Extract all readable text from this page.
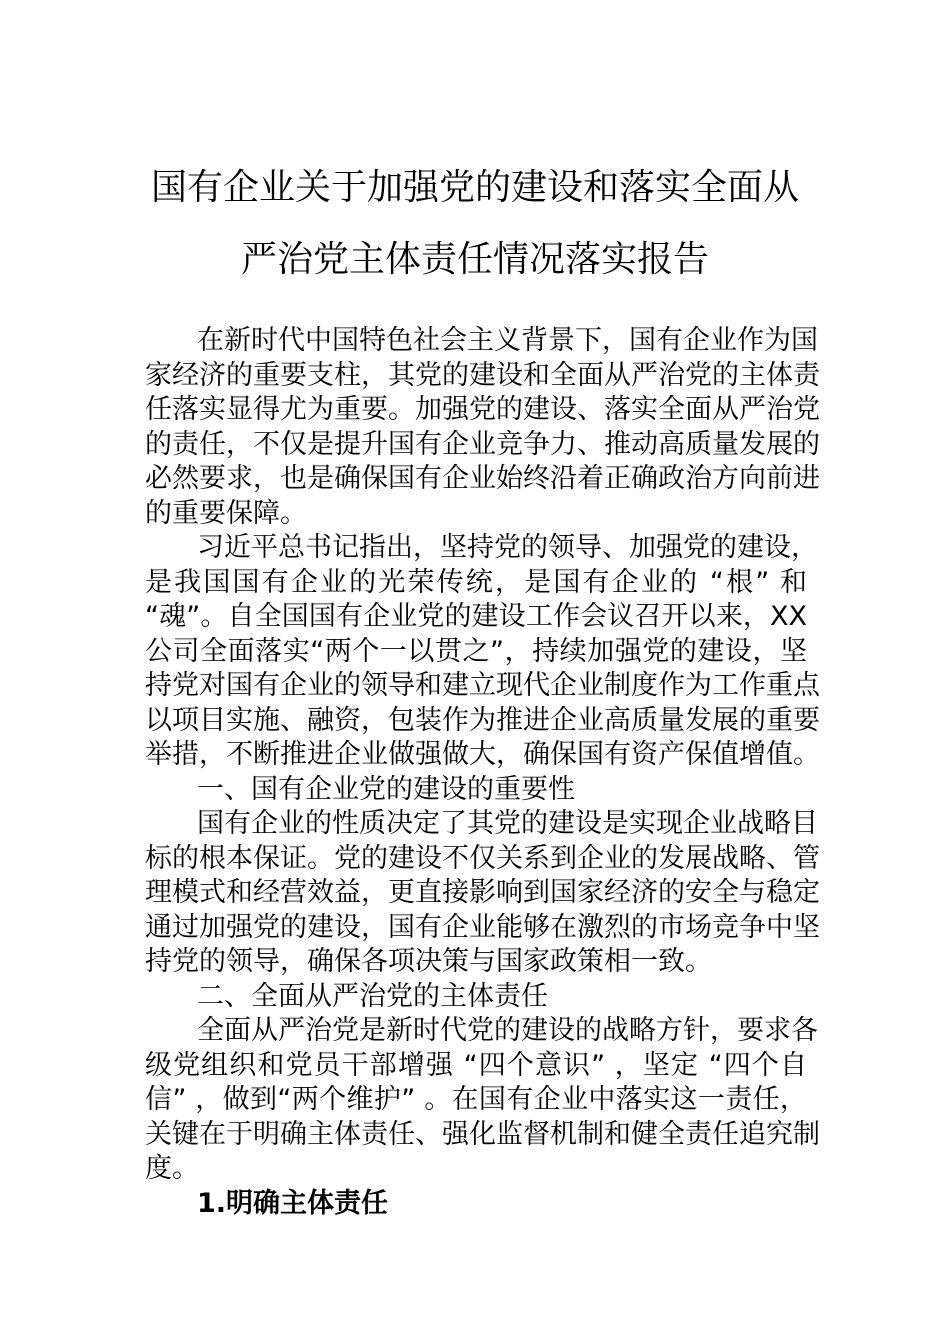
国有企业关于加强党的建设和落实全面从
严治党主体责任情况落实报告
在新时代中国特色社会主义背景下，国有企业作为国
家经济的重要支柱，其党的建设和全面从严治党的主体责
任落实显得尤为重要。加强党的建设、落实全面从严治党
的责任，不仅是提升国有企业竞争力、推动高质量发展的
必然要求，也是确保国有企业始终沿着正确政治方向前进
的重要保障。
习近平总书记指出，坚持党的领导、加强党的建设，
是我国国有企业的光荣传统，是国有企业的 “根” 和
“魂”。自全国国有企业党的建设工作会议召开以来，XX
公司全面落实“两个一以贯之”，持续加强党的建设，坚
持党对国有企业的领导和建立现代企业制度作为工作重点
以项目实施、融资，包装作为推进企业高质量发展的重要
举措，不断推进企业做强做大，确保国有资产保值增值。
一、国有企业党的建设的重要性
国有企业的性质决定了其党的建设是实现企业战略目
标的根本保证。党的建设不仅关系到企业的发展战略、管
理模式和经营效益，更直接影响到国家经济的安全与稳定
通过加强党的建设，国有企业能够在激烈的市场竞争中坚
持党的领导，确保各项决策与国家政策相一致。
二、全面从严治党的主体责任
全面从严治党是新时代党的建设的战略方针，要求各
级党组织和党员干部增强 “四个意识” ，坚定 “四个自
信” ，做到“两个维护” 。在国有企业中落实这一责任，
关键在于明确主体责任、强化监督机制和健全责任追究制
度。
1.明确主体责任
